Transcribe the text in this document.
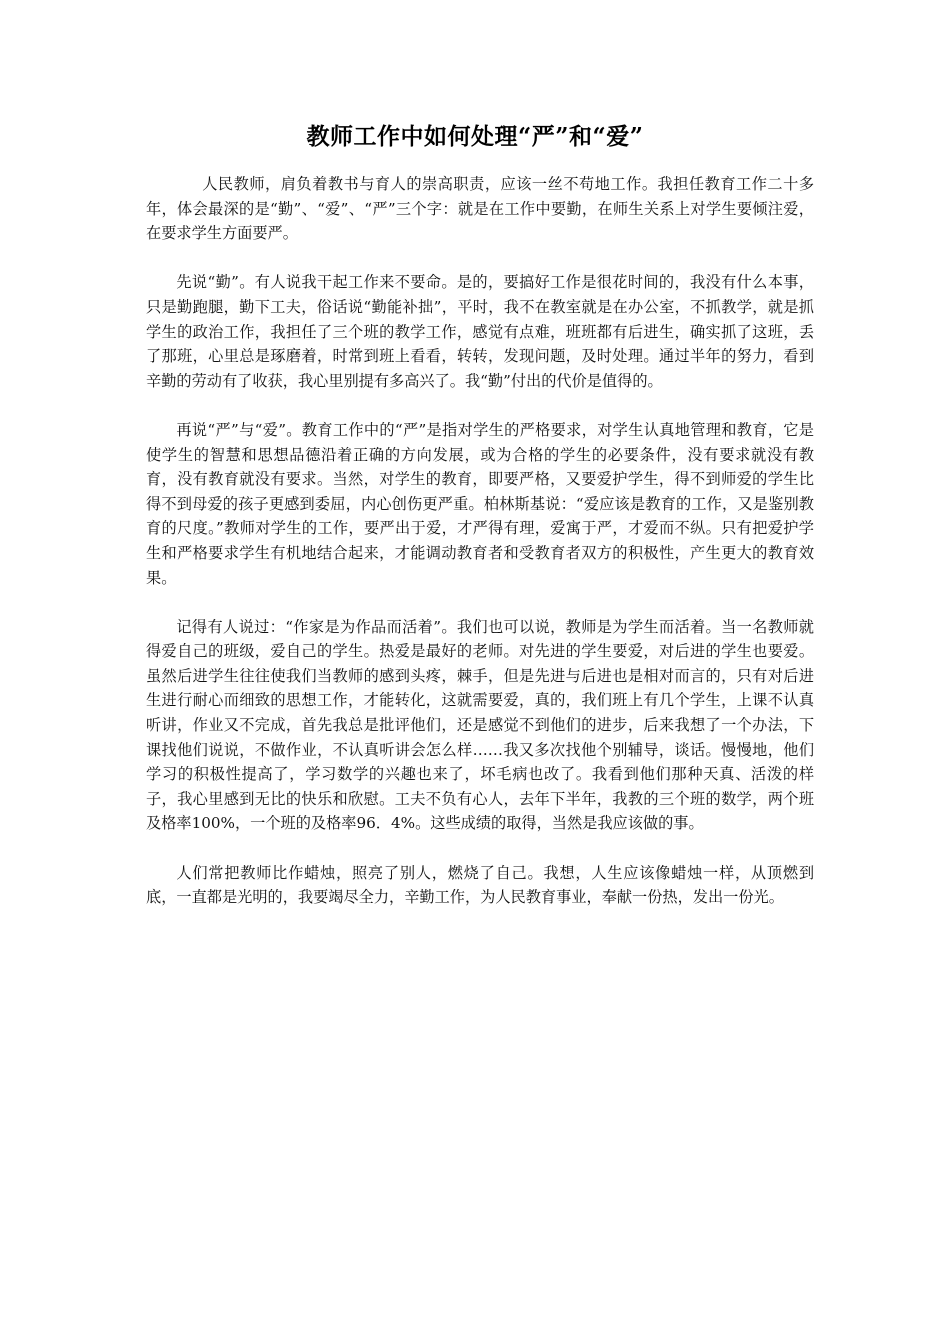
教师工作中如何处理“严”和“爱”

人民教师，肩负着教书与育人的崇高职责，应该一丝不苟地工作。我担任教育工作二十多年，体会最深的是“勤”、“爱”、“严”三个字：就是在工作中要勤，在师生关系上对学生要倾注爱，在要求学生方面要严。

先说“勤”。有人说我干起工作来不要命。是的，要搞好工作是很花时间的，我没有什么本事，只是勤跑腿，勤下工夫，俗话说“勤能补拙”，平时，我不在教室就是在办公室，不抓教学，就是抓学生的政治工作，我担任了三个班的教学工作，感觉有点难，班班都有后进生，确实抓了这班，丢了那班，心里总是琢磨着，时常到班上看看，转转，发现问题，及时处理。通过半年的努力，看到辛勤的劳动有了收获，我心里别提有多高兴了。我“勤”付出的代价是值得的。

再说“严”与“爱”。教育工作中的“严”是指对学生的严格要求，对学生认真地管理和教育，它是使学生的智慧和思想品德沿着正确的方向发展，或为合格的学生的必要条件，没有要求就没有教育，没有教育就没有要求。当然，对学生的教育，即要严格，又要爱护学生，得不到师爱的学生比得不到母爱的孩子更感到委屈，内心创伤更严重。柏林斯基说：“爱应该是教育的工作，又是鉴别教育的尺度。”教师对学生的工作，要严出于爱，才严得有理，爱寓于严，才爱而不纵。只有把爱护学生和严格要求学生有机地结合起来，才能调动教育者和受教育者双方的积极性，产生更大的教育效果。

记得有人说过：“作家是为作品而活着”。我们也可以说，教师是为学生而活着。当一名教师就得爱自己的班级，爱自己的学生。热爱是最好的老师。对先进的学生要爱，对后进的学生也要爱。虽然后进学生往往使我们当教师的感到头疼，棘手，但是先进与后进也是相对而言的，只有对后进生进行耐心而细致的思想工作，才能转化，这就需要爱，真的，我们班上有几个学生，上课不认真听讲，作业又不完成，首先我总是批评他们，还是感觉不到他们的进步，后来我想了一个办法，下课找他们说说，不做作业，不认真听讲会怎么样……我又多次找他个别辅导，谈话。慢慢地，他们学习的积极性提高了，学习数学的兴趣也来了，坏毛病也改了。我看到他们那种天真、活泼的样子，我心里感到无比的快乐和欣慰。工夫不负有心人，去年下半年，我教的三个班的数学，两个班及格率100%，一个班的及格率96．4%。这些成绩的取得，当然是我应该做的事。

人们常把教师比作蜡烛，照亮了别人，燃烧了自己。我想，人生应该像蜡烛一样，从顶燃到底，一直都是光明的，我要竭尽全力，辛勤工作，为人民教育事业，奉献一份热，发出一份光。
